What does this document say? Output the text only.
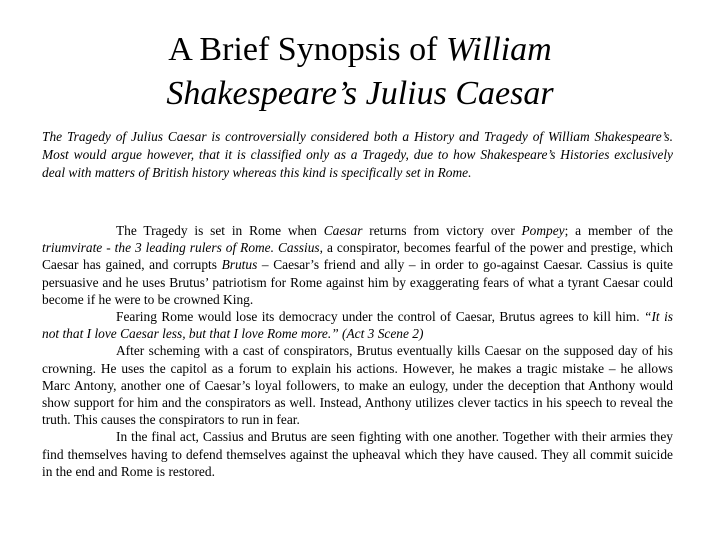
A Brief Synopsis of William
Shakespeare’s Julius Caesar

The Tragedy of Julius Caesar is controversially considered both a History and Tragedy of William Shakespeare’s. Most would argue however, that it is classified only as a Tragedy, due to how Shakespeare’s Histories exclusively deal with matters of British history whereas this kind is specifically set in Rome.

The Tragedy is set in Rome when Caesar returns from victory over Pompey; a member of the triumvirate - the 3 leading rulers of Rome. Cassius, a conspirator, becomes fearful of the power and prestige, which Caesar has gained, and corrupts Brutus – Caesar’s friend and ally – in order to go-against Caesar. Cassius is quite persuasive and he uses Brutus’ patriotism for Rome against him by exaggerating fears of what a tyrant Caesar could become if he were to be crowned King.

Fearing Rome would lose its democracy under the control of Caesar, Brutus agrees to kill him. “It is not that I love Caesar less, but that I love Rome more.” (Act 3 Scene 2)

After scheming with a cast of conspirators, Brutus eventually kills Caesar on the supposed day of his crowning. He uses the capitol as a forum to explain his actions. However, he makes a tragic mistake – he allows Marc Antony, another one of Caesar’s loyal followers, to make an eulogy, under the deception that Anthony would show support for him and the conspirators as well. Instead, Anthony utilizes clever tactics in his speech to reveal the truth. This causes the conspirators to run in fear.

In the final act, Cassius and Brutus are seen fighting with one another. Together with their armies they find themselves having to defend themselves against the upheaval which they have caused. They all commit suicide in the end and Rome is restored.
